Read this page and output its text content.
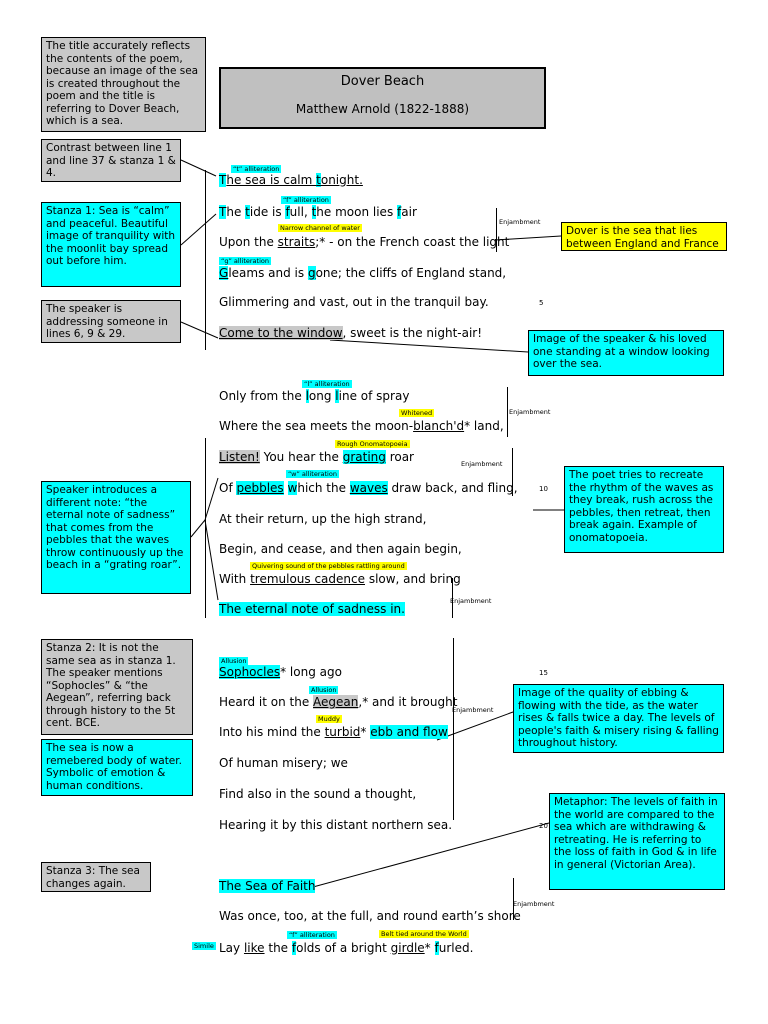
Dover Beach
Matthew Arnold (1822-1888)
The title accurately reflects the contents of the poem, because an image of the sea is created throughout the poem and the title is referring to Dover Beach, which is a sea.
Contrast between line 1 and line 37 & stanza 1 & 4.
Stanza 1: Sea is “calm” and peaceful. Beautiful image of tranquility with the moonlit bay spread out before him.
The speaker is addressing someone in lines 6, 9 & 29.
Speaker introduces a different note: “the eternal note of sadness” that comes from the pebbles that the waves throw continuously up the beach in a “grating roar”.
Stanza 2: It is not the same sea as in stanza 1. The speaker mentions “Sophocles” & “the Aegean”, referring back through history to the 5t cent. BCE.
The sea is now a remebered body of water. Symbolic of emotion & human conditions.
Stanza 3: The sea changes again.
Dover is the sea that lies between England and France
Image of the speaker & his loved one standing at a window looking over the sea.
The poet tries to recreate the rhythm of the waves as they break, rush across the pebbles, then retreat, then break again. Example of onomatopoeia.
Image of the quality of ebbing & flowing with the tide, as the water rises & falls twice a day. The levels of people's faith & misery rising & falling throughout history.
Metaphor: The levels of faith in the world are compared to the sea which are withdrawing & retreating. He is referring to the loss of faith in God & in life in general (Victorian Area).
“t” alliteration
“f” alliteration
Narrow channel of water
“g” alliteration
“l” alliteration
Whitened
Rough Onomatopoeia
“w” alliteration
Quivering sound of the pebbles rattling around
Allusion
Allusion
Muddy
“f” alliteration	Belt tied around the World
Simile
Enjambment
Enjambment
Enjambment
Enjambment
Enjambment
Enjambment
5
10
15
20
The sea is calm tonight.
The tide is full, the moon lies fair
Upon the straits;* - on the French coast the light
Gleams and is gone; the cliffs of England stand,
Glimmering and vast, out in the tranquil bay.
Come to the window, sweet is the night-air!
Only from the long line of spray
Where the sea meets the moon-blanch'd* land,
Listen! You hear the grating roar
Of pebbles which the waves draw back, and fling,
At their return, up the high strand,
Begin, and cease, and then again begin,
With tremulous cadence slow, and bring
The eternal note of sadness in.
Sophocles* long ago
Heard it on the Aegean,* and it brought
Into his mind the turbid* ebb and flow
Of human misery; we
Find also in the sound a thought,
Hearing it by this distant northern sea.
The Sea of Faith
Was once, too, at the full, and round earth’s shore
Lay like the folds of a bright girdle* furled.
